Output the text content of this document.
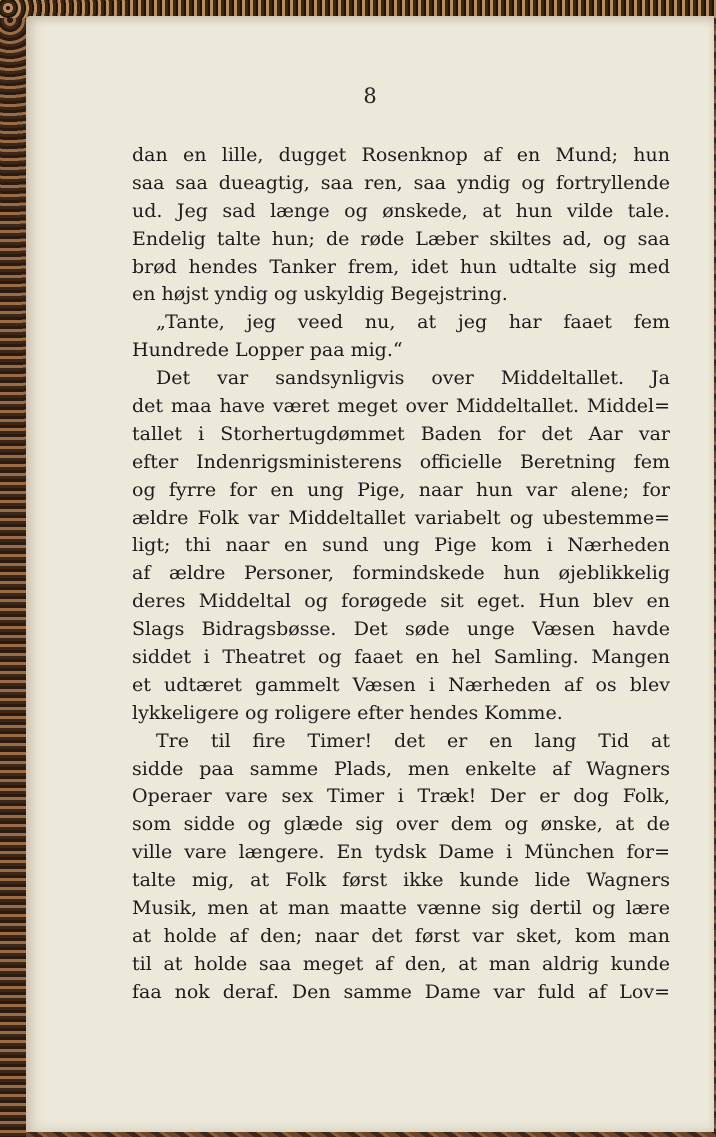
8
dan en lille, dugget Rosenknop af en Mund; hun
saa saa dueagtig, saa ren, saa yndig og fortryllende
ud. Jeg sad længe og ønskede, at hun vilde tale.
Endelig talte hun; de røde Læber skiltes ad, og saa
brød hendes Tanker frem, idet hun udtalte sig med
en højst yndig og uskyldig Begejstring.
„Tante, jeg veed nu, at jeg har faaet fem
Hundrede Lopper paa mig.“
Det var sandsynligvis over Middeltallet. Ja
det maa have været meget over Middeltallet. Middel=
tallet i Storhertugdømmet Baden for det Aar var
efter Indenrigsministerens officielle Beretning fem
og fyrre for en ung Pige, naar hun var alene; for
ældre Folk var Middeltallet variabelt og ubestemme=
ligt; thi naar en sund ung Pige kom i Nærheden
af ældre Personer, formindskede hun øjeblikkelig
deres Middeltal og forøgede sit eget. Hun blev en
Slags Bidragsbøsse. Det søde unge Væsen havde
siddet i Theatret og faaet en hel Samling. Mangen
et udtæret gammelt Væsen i Nærheden af os blev
lykkeligere og roligere efter hendes Komme.
Tre til fire Timer! det er en lang Tid at
sidde paa samme Plads, men enkelte af Wagners
Operaer vare sex Timer i Træk! Der er dog Folk,
som sidde og glæde sig over dem og ønske, at de
ville vare længere. En tydsk Dame i München for=
talte mig, at Folk først ikke kunde lide Wagners
Musik, men at man maatte vænne sig dertil og lære
at holde af den; naar det først var sket, kom man
til at holde saa meget af den, at man aldrig kunde
faa nok deraf. Den samme Dame var fuld af Lov=
